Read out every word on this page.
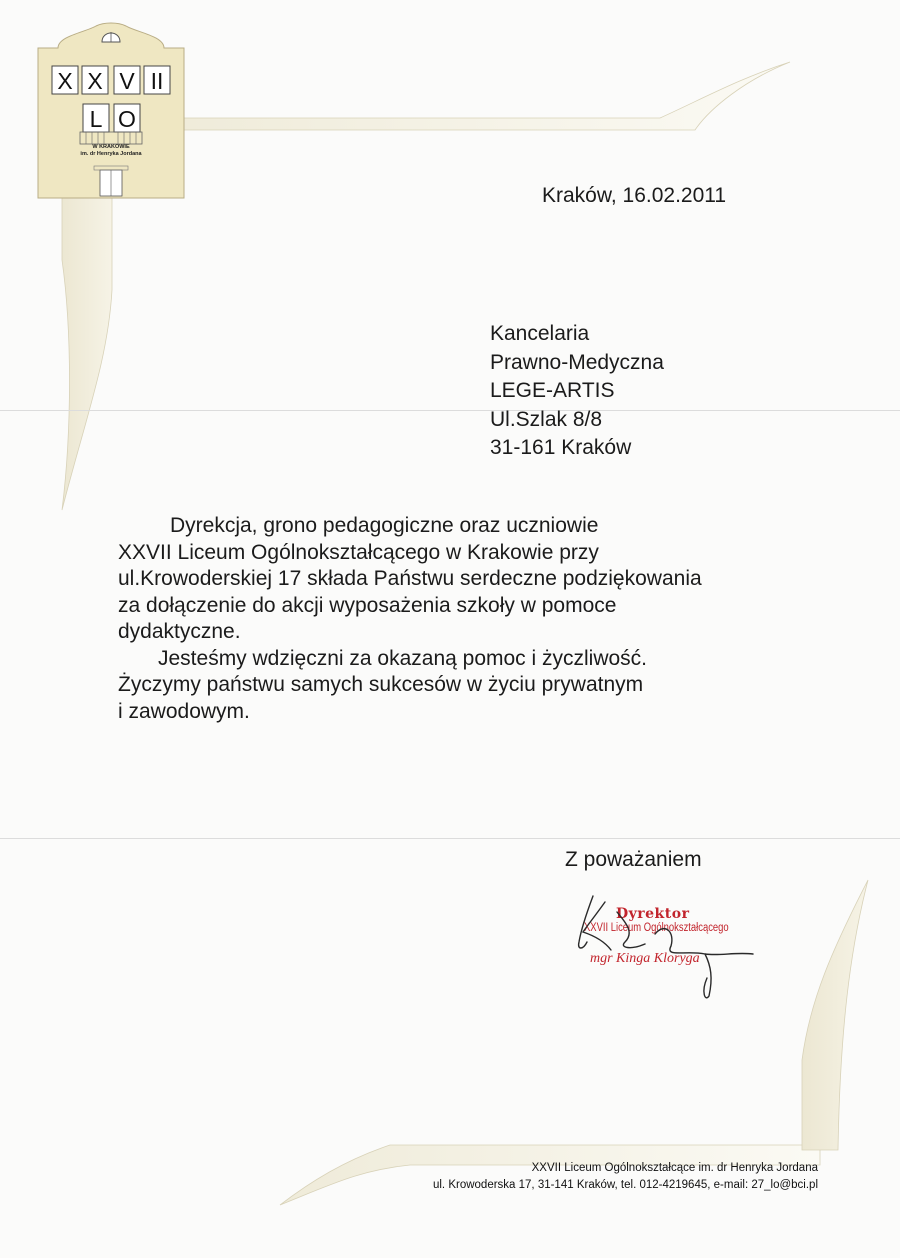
X X V II
L O
W KRAKOWIE
im. dr Henryka Jordana
Kraków, 16.02.2011
Kancelaria
Prawno-Medyczna
LEGE-ARTIS
Ul.Szlak 8/8
31-161 Kraków

Dyrekcja, grono pedagogiczne oraz uczniowie

XXVII Liceum Ogólnokształcącego w Krakowie przy

ul.Krowoderskiej 17 składa Państwu serdeczne podziękowania

za dołączenie do akcji wyposażenia szkoły w pomoce

dydaktyczne.

Jesteśmy wdzięczni za okazaną pomoc i życzliwość.

Życzymy państwu samych sukcesów w życiu prywatnym

i zawodowym.

Z poważaniem
Dyrektor
XXVII Liceum Ogólnokształcącego
mgr Kinga Kloryga
XXVII Liceum Ogólnokształcące im. dr Henryka Jordana
ul. Krowoderska 17, 31-141 Kraków, tel. 012-4219645, e-mail: 27_lo@bci.pl
